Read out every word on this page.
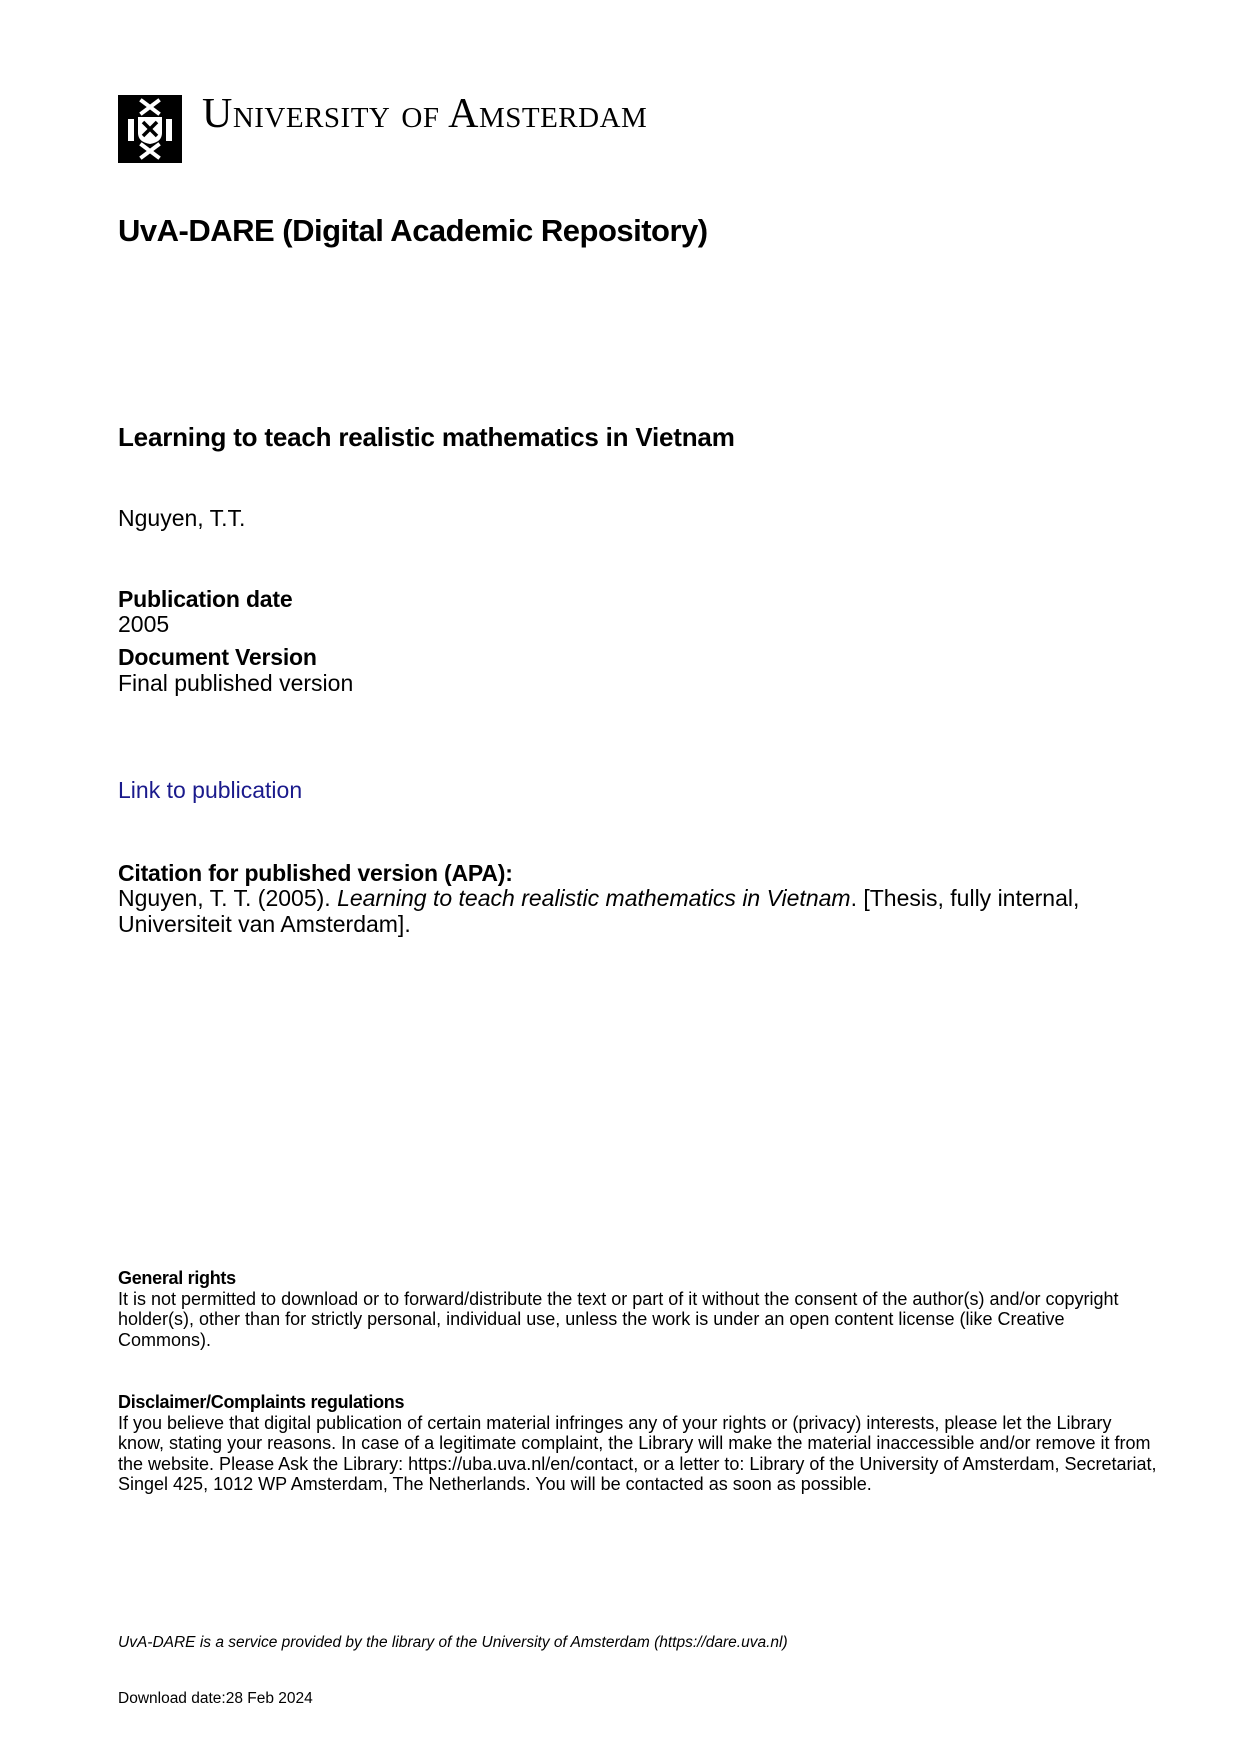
University of Amsterdam
UvA-DARE (Digital Academic Repository)
Learning to teach realistic mathematics in Vietnam
Nguyen, T.T.
Publication date
2005
Document Version
Final published version
Link to publication
Citation for published version (APA):
Nguyen, T. T. (2005). Learning to teach realistic mathematics in Vietnam. [Thesis, fully internal, Universiteit van Amsterdam].
General rights
It is not permitted to download or to forward/distribute the text or part of it without the consent of the author(s) and/or copyright holder(s), other than for strictly personal, individual use, unless the work is under an open content license (like Creative Commons).
Disclaimer/Complaints regulations
If you believe that digital publication of certain material infringes any of your rights or (privacy) interests, please let the Library know, stating your reasons. In case of a legitimate complaint, the Library will make the material inaccessible and/or remove it from the website. Please Ask the Library: https://uba.uva.nl/en/contact, or a letter to: Library of the University of Amsterdam, Secretariat, Singel 425, 1012 WP Amsterdam, The Netherlands. You will be contacted as soon as possible.
UvA-DARE is a service provided by the library of the University of Amsterdam (https://dare.uva.nl)
Download date:28 Feb 2024
